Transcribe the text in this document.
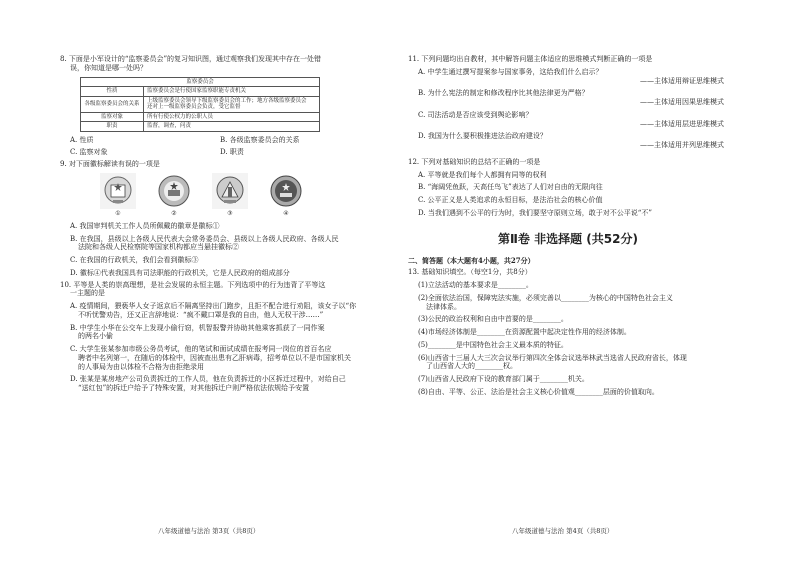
8. 下面是小军设计的“监察委员会”的复习知识图，通过观察我们发现其中存在一处错

误，你知道是哪一处吗？

监察委员会	
性质	监察委员会是行使国家监察职能专责机关
各级监察委员会的关系	上级监察委员会领导下级监察委员会的工作；地方各级监察委员会
还对上一级监察委员会负责，受它监督

监察对象	所有行使公权力的公职人员
职责	监督，调查，问责
A. 性质	B. 各级监察委员会的关系
C. 监察对象	D. 职责

9. 对下面徽标解读有误的一项是

①	②	③	④

A. 我国审判机关工作人员所佩戴的徽章是徽标①

B. 在我国，县级以上各级人民代表大会常务委员会、县级以上各级人民政府、各级人民

法院和各级人民检察院等国家机构都应当悬挂徽标②

C. 在我国的行政机关，我们会看到徽标③

D. 徽标④代表我国具有司法职能的行政机关，它是人民政府的组成部分

10. 平等是人类的崇高理想，是社会发展的永恒主题。下列选项中的行为违背了平等这

一主题的是

A. 疫情期间，猥亵华人女子返京后不隔离坚持出门跑步，且拒不配合进行劝阻，该女子以“你

不听忧警劝告，还又正言辞地说：“疯不戴口罩是我的自由，他人无权干涉……”

B. 中学生小华在公交车上发现小偷行窃，机智报警并协助其他乘客抓获了一同作案

的两名小偷

C. 大学生张某参加市级公务员考试，他的笔试和面试成绩在报考同一岗位的首百名应

聘者中名列第一，在随后的体检中，因被查出患有乙肝病毒，招考单位以不是市国家机关

的人事局为由以体检不合格为由拒绝录用

D. 张某是某房地产公司负责拆迁的工作人员，他在负责拆迁的小区拆迁过程中，对给自己

“送红包”的拆迁户给予了特殊安置，对其他拆迁户则严格依法依规给予安置

11. 下列问题均出自教材，其中解答问题主体适应的思维模式判断正确的一项是

A. 中学生通过撰写提案参与国家事务，这给我们什么启示？

——主体适用辩证思维模式

B. 为什么宪法的制定和修改程序比其他法律更为严格？

——主体适用因果思维模式

C. 司法活动是否应该受到舆论影响？

——主体适用层进思维模式

D. 我国为什么要积极推进法治政府建设？

——主体适用并列思维模式

12. 下列对基础知识的总结不正确的一项是

A. 平等就是我们每个人都拥有同等的权利

B. “海阔凭鱼跃，天高任鸟飞”表达了人们对自由的无限向往

C. 公平正义是人类追求的永恒目标，是法治社会的核心价值

D. 当我们遇到不公平的行为时，我们要坚守原则立场，敢于对不公平说“不”

第Ⅱ卷 非选择题 (共52分)

二、简答题（本大题有4小题，共27分）

13. 基础知识填空。（每空1分，共8分）

(1)立法活动的基本要求是________。

(2)全面依法治国，保障宪法实施，必须完善以________为核心的中国特色社会主义

法律体系。

(3)公民的政治权利和自由中首要的是________。

(4)市场经济体制是________在资源配置中起决定性作用的经济体制。

(5)________是中国特色社会主义最本质的特征。

(6)山西省十三届人大三次会议举行第四次全体会议选举林武当选省人民政府省长，体现

了山西省人大的________权。

(7)山西省人民政府下设的教育部门属于________机关。

(8)自由、平等、公正、法治是社会主义核心价值观________层面的价值取向。

八年级道德与法治 第3页（共8页）	八年级道德与法治 第4页（共8页）
